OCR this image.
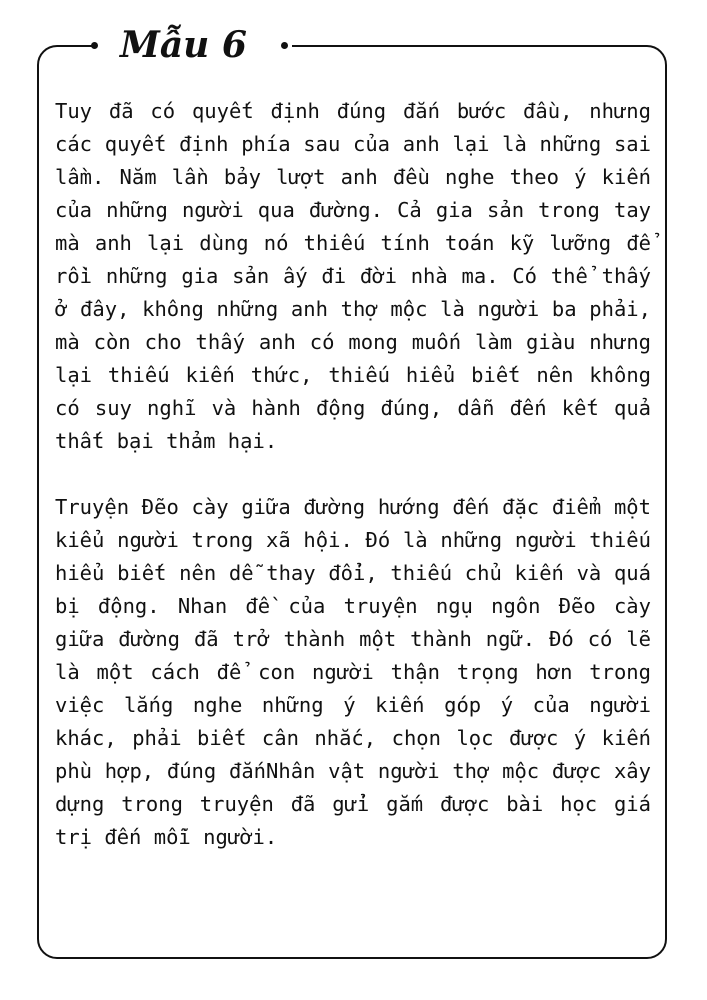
Mẫu 6

Tuy đã có quyết định đúng đắn bước đầu, nhưng các quyết định phía sau của anh lại là những sai lầm. Năm lần bảy lượt anh đều nghe theo ý kiến của những người qua đường. Cả gia sản trong tay mà anh lại dùng nó thiếu tính toán kỹ lưỡng để rồi những gia sản ấy đi đời nhà ma. Có thể thấy ở đây, không những anh thợ mộc là người ba phải, mà còn cho thấy anh có mong muốn làm giàu nhưng lại thiếu kiến thức, thiếu hiểu biết nên không có suy nghĩ và hành động đúng, dẫn đến kết quả thất bại thảm hại.

Truyện Đẽo cày giữa đường hướng đến đặc điểm một kiểu người trong xã hội. Đó là những người thiếu hiểu biết nên dễ thay đổi, thiếu chủ kiến và quá bị động. Nhan đề của truyện ngụ ngôn Đẽo cày giữa đường đã trở thành một thành ngữ. Đó có lẽ là một cách để con người thận trọng hơn trong việc lắng nghe những ý kiến góp ý của người khác, phải biết cân nhắc, chọn lọc được ý kiến phù hợp, đúng đắnNhân vật người thợ mộc được xây dựng trong truyện đã gửi gắm được bài học giá trị đến mỗi người.
